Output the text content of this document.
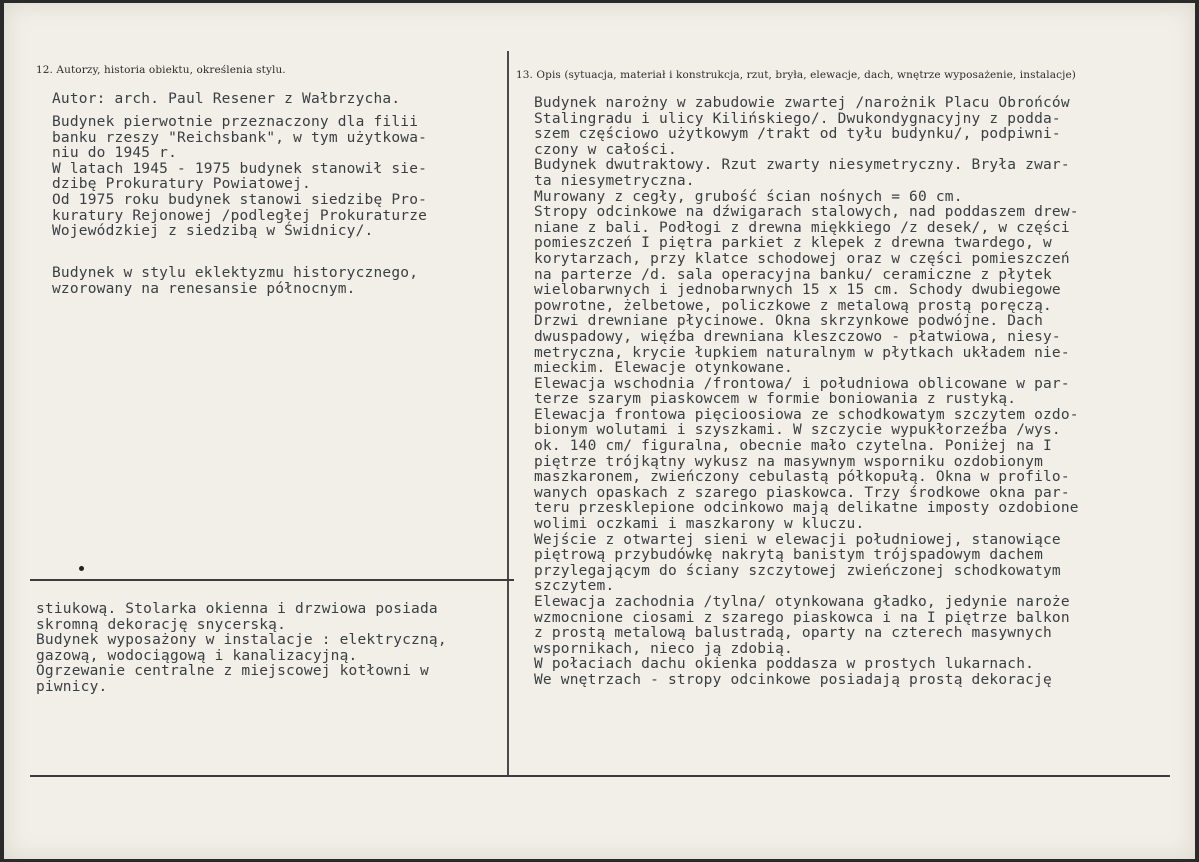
12. Autorzy, historia obiektu, określenia stylu.	13. Opis (sytuacja, materiał i konstrukcja, rzut, bryła, elewacje, dach, wnętrze wyposażenie, instalacje)
Autor: arch. Paul Resener z Wałbrzycha.
Budynek pierwotnie przeznaczony dla filii
banku rzeszy "Reichsbank", w tym użytkowa-
niu do 1945 r.
W latach 1945 - 1975 budynek stanowił sie-
dzibę Prokuratury Powiatowej.
Od 1975 roku budynek stanowi siedzibę Pro-
kuratury Rejonowej /podległej Prokuraturze
Wojewódzkiej z siedzibą w Świdnicy/.
Budynek w stylu eklektyzmu historycznego,
wzorowany na renesansie północnym.
stiukową. Stolarka okienna i drzwiowa posiada
skromną dekorację snycerską.
Budynek wyposażony w instalacje : elektryczną,
gazową, wodociągową i kanalizacyjną.
Ogrzewanie centralne z miejscowej kotłowni w
piwnicy.
Budynek narożny w zabudowie zwartej /narożnik Placu Obrońców
Stalingradu i ulicy Kilińskiego/. Dwukondygnacyjny z podda-
szem częściowo użytkowym /trakt od tyłu budynku/, podpiwni-
czony w całości.
Budynek dwutraktowy. Rzut zwarty niesymetryczny. Bryła zwar-
ta niesymetryczna.
Murowany z cegły, grubość ścian nośnych = 60 cm.
Stropy odcinkowe na dźwigarach stalowych, nad poddaszem drew-
niane z bali. Podłogi z drewna miękkiego /z desek/, w części
pomieszczeń I piętra parkiet z klepek z drewna twardego, w
korytarzach, przy klatce schodowej oraz w części pomieszczeń
na parterze /d. sala operacyjna banku/ ceramiczne z płytek
wielobarwnych i jednobarwnych 15 x 15 cm. Schody dwubiegowe
powrotne, żelbetowe, policzkowe z metalową prostą poręczą.
Drzwi drewniane płycinowe. Okna skrzynkowe podwójne. Dach
dwuspadowy, więźba drewniana kleszczowo - płatwiowa, niesy-
metryczna, krycie łupkiem naturalnym w płytkach układem nie-
mieckim. Elewacje otynkowane.
Elewacja wschodnia /frontowa/ i południowa oblicowane w par-
terze szarym piaskowcem w formie boniowania z rustyką.
Elewacja frontowa pięcioosiowa ze schodkowatym szczytem ozdo-
bionym wolutami i szyszkami. W szczycie wypukłorzeźba /wys.
ok. 140 cm/ figuralna, obecnie mało czytelna. Poniżej na I
piętrze trójkątny wykusz na masywnym wsporniku ozdobionym
maszkaronem, zwieńczony cebulastą półkopułą. Okna w profilo-
wanych opaskach z szarego piaskowca. Trzy środkowe okna par-
teru przesklepione odcinkowo mają delikatne imposty ozdobione
wolimi oczkami i maszkarony w kluczu.
Wejście z otwartej sieni w elewacji południowej, stanowiące
piętrową przybudówkę nakrytą banistym trójspadowym dachem
przylegającym do ściany szczytowej zwieńczonej schodkowatym
szczytem.
Elewacja zachodnia /tylna/ otynkowana gładko, jedynie naroże
wzmocnione ciosami z szarego piaskowca i na I piętrze balkon
z prostą metalową balustradą, oparty na czterech masywnych
wspornikach, nieco ją zdobią.
W połaciach dachu okienka poddasza w prostych lukarnach.
We wnętrzach - stropy odcinkowe posiadają prostą dekorację
